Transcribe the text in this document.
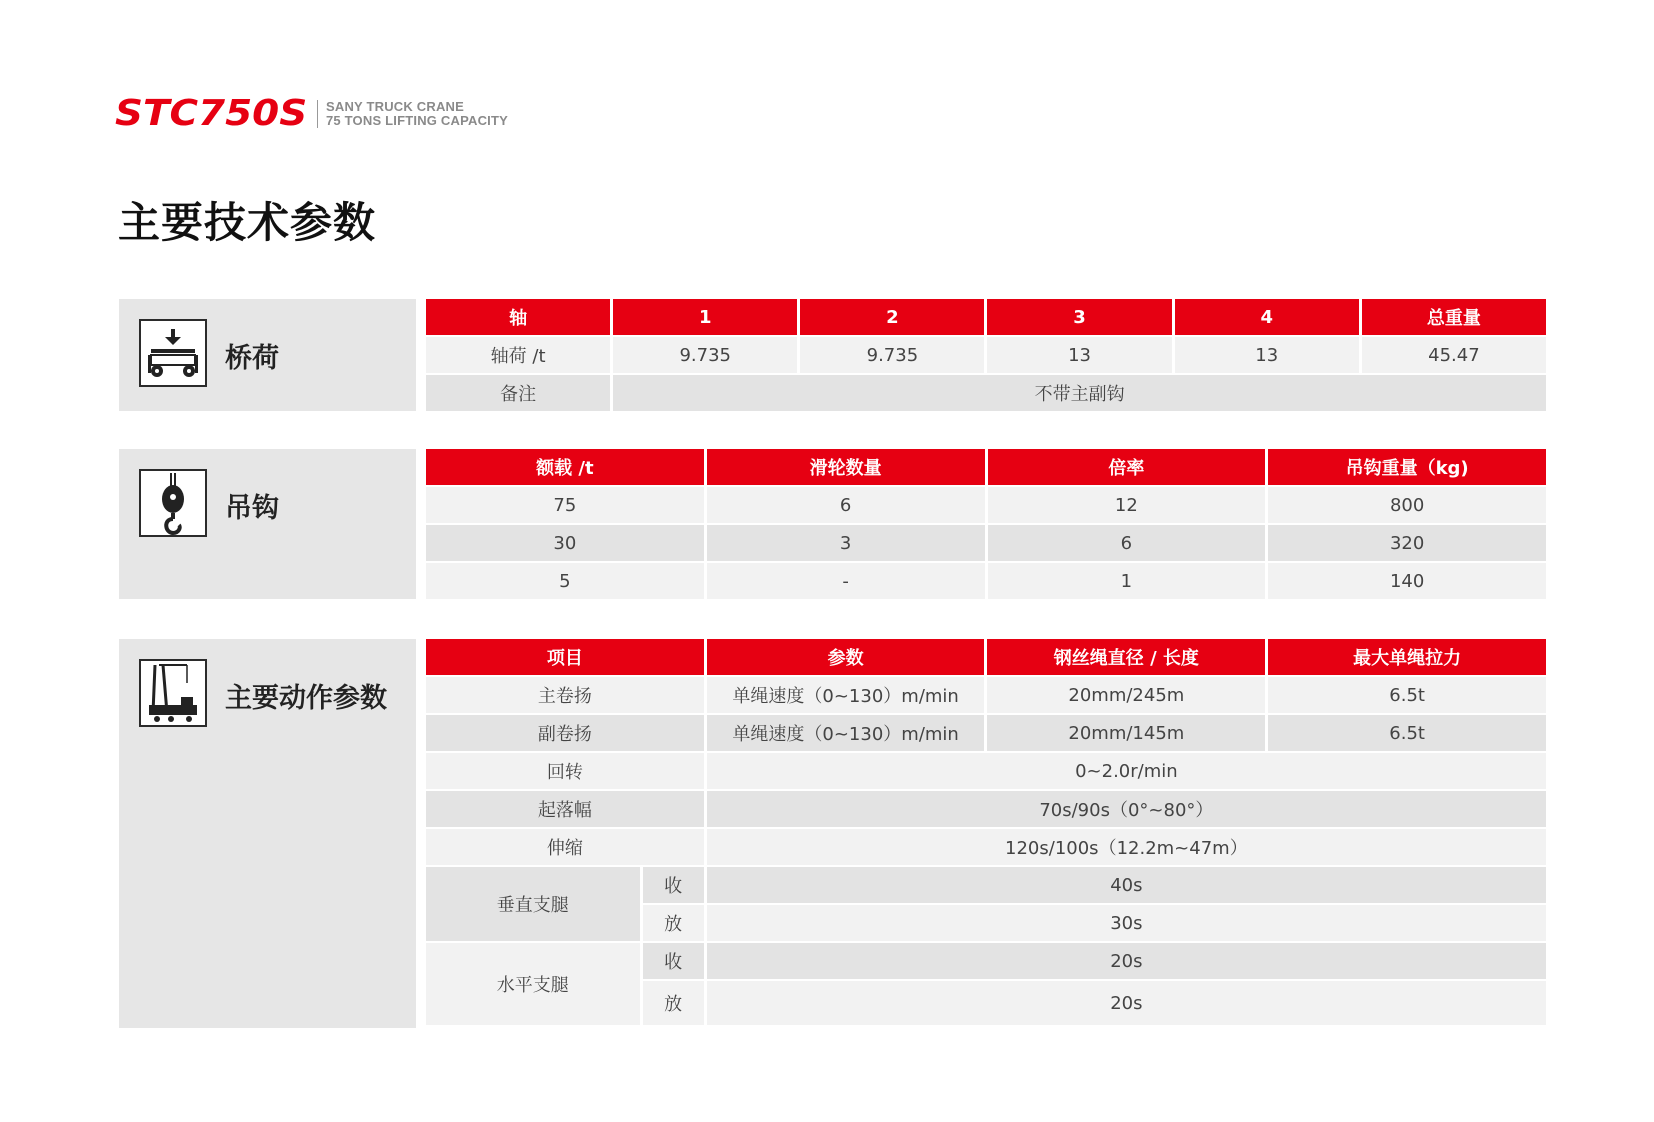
STC750S SANY TRUCK CRANE
75 TONS LIFTING CAPACITY
主要技术参数
桥荷
轴	1	2	3	4	总重量
轴荷 /t	9.735	9.735	13	13	45.47
备注	不带主副钩				
吊钩
额载 /t	滑轮数量	倍率	吊钩重量（kg)
75	6	12	800
30	3	6	320
5	-	1	140
主要动作参数
项目		参数	钢丝绳直径 / 长度	最大单绳拉力
主卷扬		单绳速度（0~130）m/min	20mm/245m	6.5t
副卷扬		单绳速度（0~130）m/min	20mm/145m	6.5t
回转		0~2.0r/min		
起落幅		70s/90s（0°~80°）		
伸缩		120s/100s（12.2m~47m）		
垂直支腿	收	40s		
	放	30s		
水平支腿	收	20s		
	放	20s		
